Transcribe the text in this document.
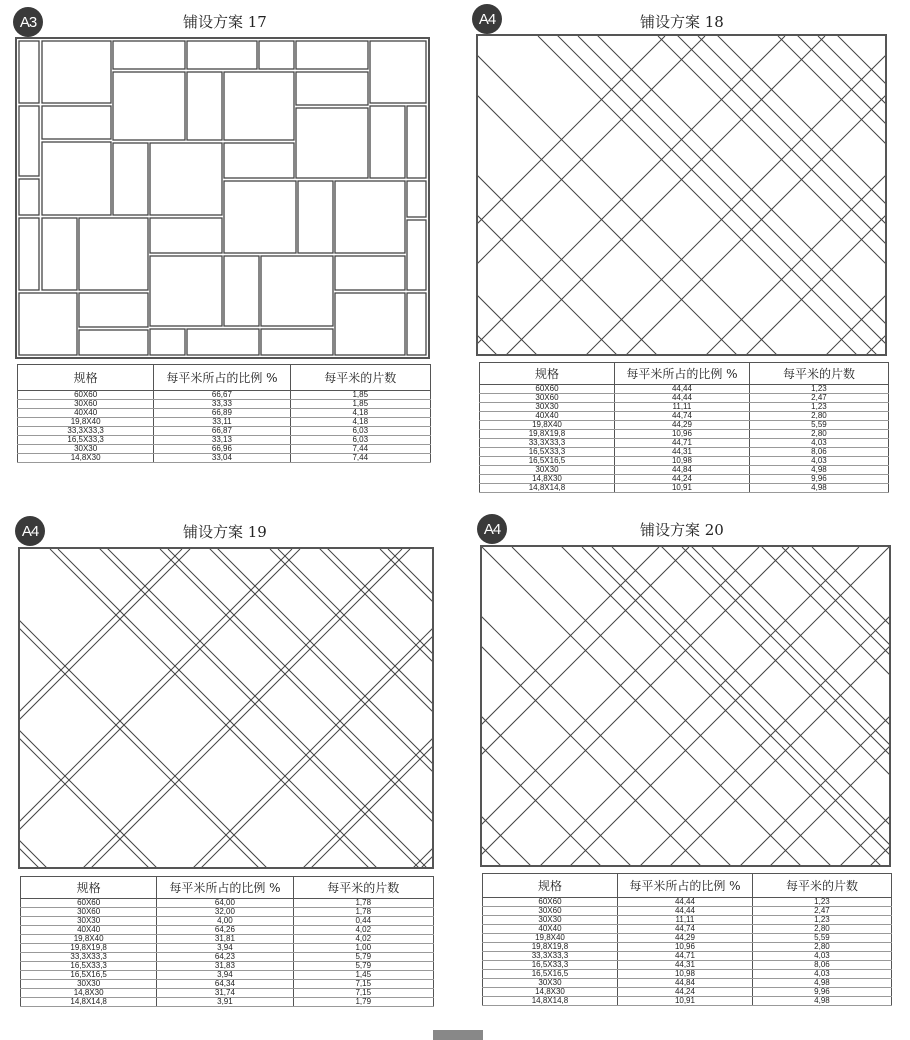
A3	铺设方案 17
规格	每平米所占的比例 %	每平米的片数
60X60	66,67	1,85
30X60	33,33	1,85
40X40	66,89	4,18
19,8X40	33,11	4,18
33,3X33,3	66,87	6,03
16,5X33,3	33,13	6,03
30X30	66,96	7,44
14,8X30	33,04	7,44
A4	铺设方案 18
规格	每平米所占的比例 %	每平米的片数
60X60	44,44	1,23
30X60	44,44	2,47
30X30	11,11	1,23
40X40	44,74	2,80
19,8X40	44,29	5,59
19,8X19,8	10,96	2,80
33,3X33,3	44,71	4,03
16,5X33,3	44,31	8,06
16,5X16,5	10,98	4,03
30X30	44,84	4,98
14,8X30	44,24	9,96
14,8X14,8	10,91	4,98
A4	铺设方案 19
规格	每平米所占的比例 %	每平米的片数
60X60	64,00	1,78
30X60	32,00	1,78
30X30	4,00	0,44
40X40	64,26	4,02
19,8X40	31,81	4,02
19,8X19,8	3,94	1,00
33,3X33,3	64,23	5,79
16,5X33,3	31,83	5,79
16,5X16,5	3,94	1,45
30X30	64,34	7,15
14,8X30	31,74	7,15
14,8X14,8	3,91	1,79
A4	铺设方案 20
规格	每平米所占的比例 %	每平米的片数
60X60	44,44	1,23
30X60	44,44	2,47
30X30	11,11	1,23
40X40	44,74	2,80
19,8X40	44,29	5,59
19,8X19,8	10,96	2,80
33,3X33,3	44,71	4,03
16,5X33,3	44,31	8,06
16,5X16,5	10,98	4,03
30X30	44,84	4,98
14,8X30	44,24	9,96
14,8X14,8	10,91	4,98
